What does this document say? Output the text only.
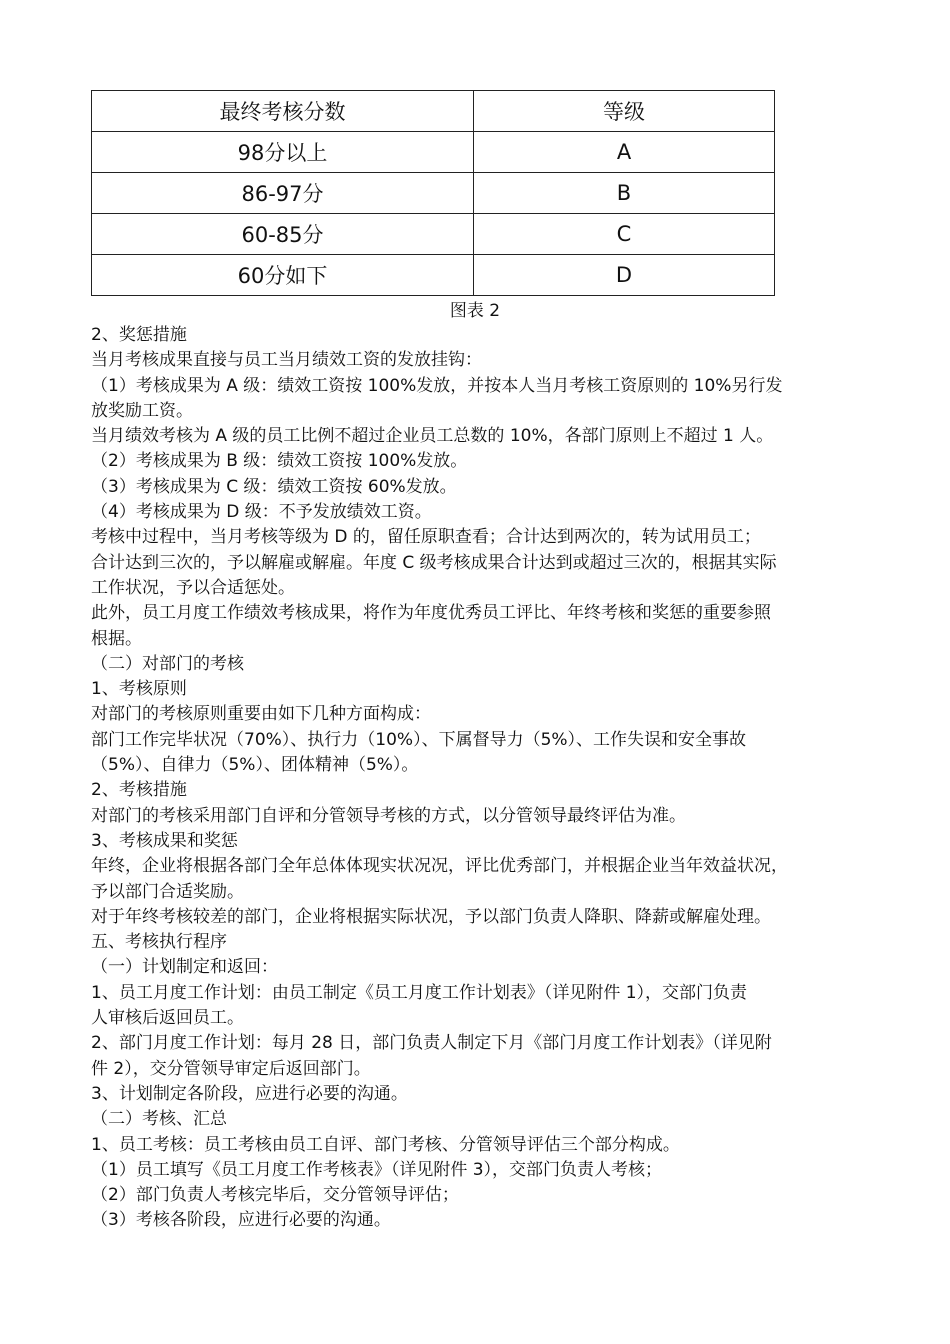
最终考核分数	等级
98分以上	A
86-97分	B
60-85分	C
60分如下	D
图表 2

2、奖惩措施

当月考核成果直接与员工当月绩效工资的发放挂钩：

（1）考核成果为 A 级：绩效工资按 100%发放，并按本人当月考核工资原则的 10%另行发

放奖励工资。

当月绩效考核为 A 级的员工比例不超过企业员工总数的 10%，各部门原则上不超过 1 人。

（2）考核成果为 B 级：绩效工资按 100%发放。

（3）考核成果为 C 级：绩效工资按 60%发放。

（4）考核成果为 D 级：不予发放绩效工资。

考核中过程中，当月考核等级为 D 的，留任原职查看；合计达到两次的，转为试用员工；

合计达到三次的，予以解雇或解雇。年度 C 级考核成果合计达到或超过三次的，根据其实际

工作状况，予以合适惩处。

此外，员工月度工作绩效考核成果，将作为年度优秀员工评比、年终考核和奖惩的重要参照

根据。

（二）对部门的考核

1、考核原则

对部门的考核原则重要由如下几种方面构成：

部门工作完毕状况（70%）、执行力（10%）、下属督导力（5%）、工作失误和安全事故

（5%）、自律力（5%）、团体精神（5%）。

2、考核措施

对部门的考核采用部门自评和分管领导考核的方式，以分管领导最终评估为准。

3、考核成果和奖惩

年终，企业将根据各部门全年总体体现实状况况，评比优秀部门，并根据企业当年效益状况，

予以部门合适奖励。

对于年终考核较差的部门，企业将根据实际状况，予以部门负责人降职、降薪或解雇处理。

五、考核执行程序

（一）计划制定和返回：

1、员工月度工作计划：由员工制定《员工月度工作计划表》（详见附件 1），交部门负责

人审核后返回员工。

2、部门月度工作计划：每月 28 日，部门负责人制定下月《部门月度工作计划表》（详见附

件 2），交分管领导审定后返回部门。

3、计划制定各阶段，应进行必要的沟通。

（二）考核、汇总

1、员工考核：员工考核由员工自评、部门考核、分管领导评估三个部分构成。

（1）员工填写《员工月度工作考核表》（详见附件 3），交部门负责人考核；

（2）部门负责人考核完毕后，交分管领导评估；

（3）考核各阶段，应进行必要的沟通。
